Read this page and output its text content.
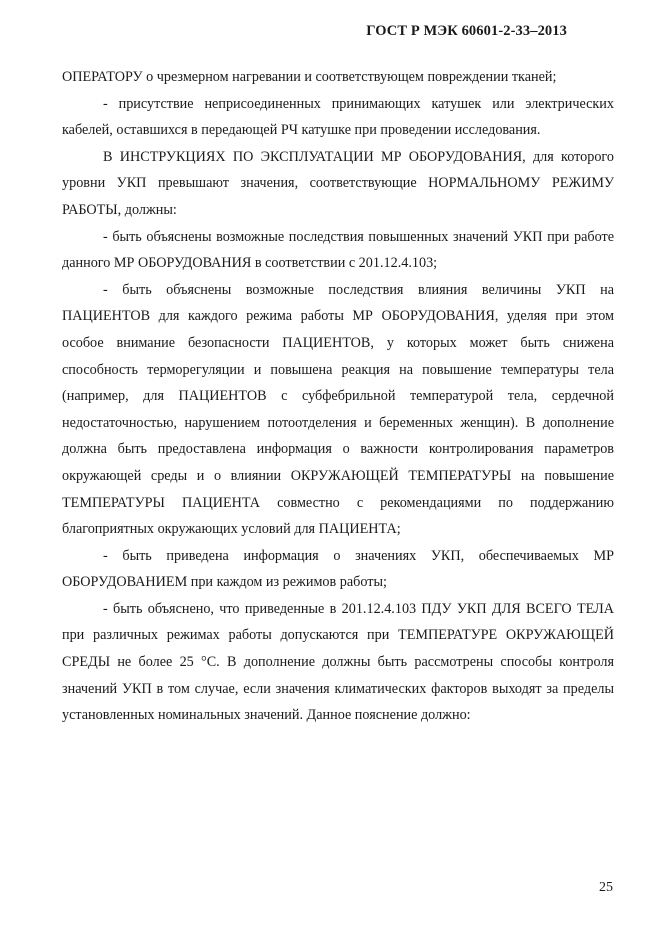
ГОСТ Р МЭК 60601-2-33–2013

ОПЕРАТОРУ о чрезмерном нагревании и соответствующем повреждении тканей;

- присутствие неприсоединенных принимающих катушек или электрических кабелей, оставшихся в передающей РЧ катушке при проведении исследования.

В ИНСТРУКЦИЯХ ПО ЭКСПЛУАТАЦИИ МР ОБОРУДОВАНИЯ, для которого уровни УКП превышают значения, соответствующие НОРМАЛЬНОМУ РЕЖИМУ РАБОТЫ, должны:

- быть объяснены возможные последствия повышенных значений УКП при работе данного МР ОБОРУДОВАНИЯ в соответствии с 201.12.4.103;

- быть объяснены возможные последствия влияния величины УКП на ПАЦИЕНТОВ для каждого режима работы МР ОБОРУДОВАНИЯ, уделяя при этом особое внимание безопасности ПАЦИЕНТОВ, у которых может быть снижена способность терморегуляции и повышена реакция на повышение температуры тела (например, для ПАЦИЕНТОВ с субфебрильной температурой тела, сердечной недостаточностью, нарушением потоотделения и беременных женщин). В дополнение должна быть предоставлена информация о важности контролирования параметров окружающей среды и о влиянии ОКРУЖАЮЩЕЙ ТЕМПЕРАТУРЫ на повышение ТЕМПЕРАТУРЫ ПАЦИЕНТА совместно с рекомендациями по поддержанию благоприятных окружающих условий для ПАЦИЕНТА;

- быть приведена информация о значениях УКП, обеспечиваемых МР ОБОРУДОВАНИЕМ при каждом из режимов работы;

- быть объяснено, что приведенные в 201.12.4.103 ПДУ УКП ДЛЯ ВСЕГО ТЕЛА при различных режимах работы допускаются при ТЕМПЕРАТУРЕ ОКРУЖАЮЩЕЙ СРЕДЫ не более 25 °С. В дополнение должны быть рассмотрены способы контроля значений УКП в том случае, если значения климатических факторов выходят за пределы установленных номинальных значений. Данное пояснение должно:

25
